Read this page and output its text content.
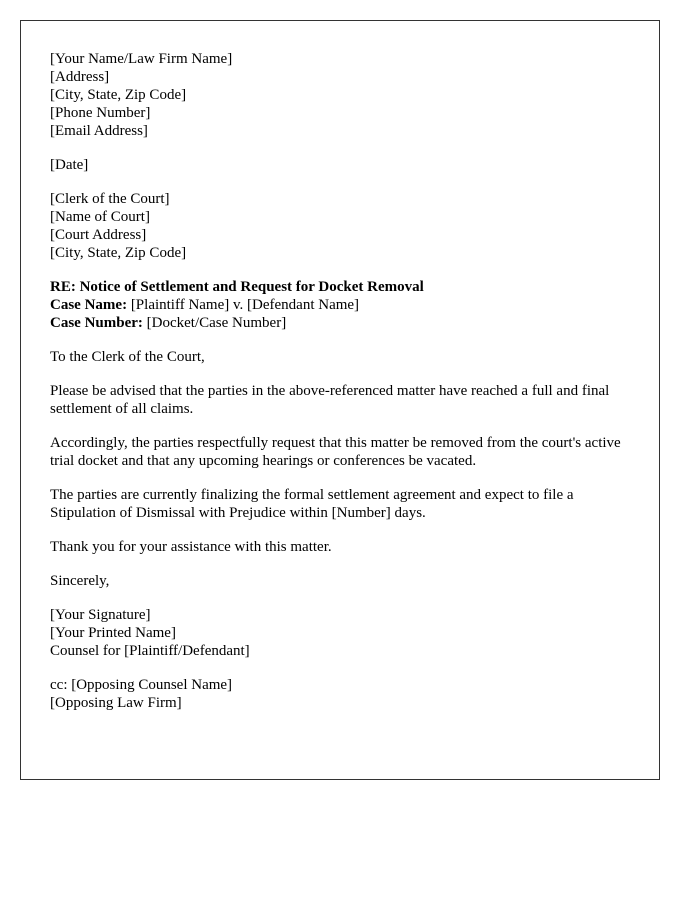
[Your Name/Law Firm Name]
[Address]
[City, State, Zip Code]
[Phone Number]
[Email Address]
[Date]
[Clerk of the Court]
[Name of Court]
[Court Address]
[City, State, Zip Code]
RE: Notice of Settlement and Request for Docket Removal
Case Name: [Plaintiff Name] v. [Defendant Name]
Case Number: [Docket/Case Number]

To the Clerk of the Court,

Please be advised that the parties in the above-referenced matter have reached a full and final settlement of all claims.

Accordingly, the parties respectfully request that this matter be removed from the court's active trial docket and that any upcoming hearings or conferences be vacated.

The parties are currently finalizing the formal settlement agreement and expect to file a Stipulation of Dismissal with Prejudice within [Number] days.

Thank you for your assistance with this matter.

Sincerely,

[Your Signature]
[Your Printed Name]
Counsel for [Plaintiff/Defendant]
cc: [Opposing Counsel Name]
[Opposing Law Firm]
